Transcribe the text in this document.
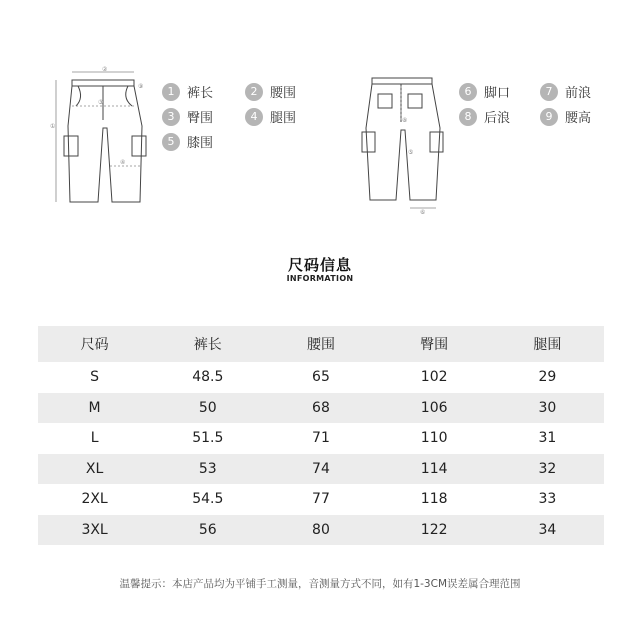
②
①
③
④
⑨	1 裤长	2 腰围
3 臀围	4 腿围
5 膝围
⑧
⑥
⑤
6 脚口	7 前浪
8 后浪	9 腰高
尺码信息
INFORMATION
尺码	裤长	腰围	臀围	腿围
S	48.5	65	102	29
M	50	68	106	30
L	51.5	71	110	31
XL	53	74	114	32
2XL	54.5	77	118	33
3XL	56	80	122	34
温馨提示：本店产品均为平铺手工测量，音测量方式不同，如有1-3CM误差属合理范围
